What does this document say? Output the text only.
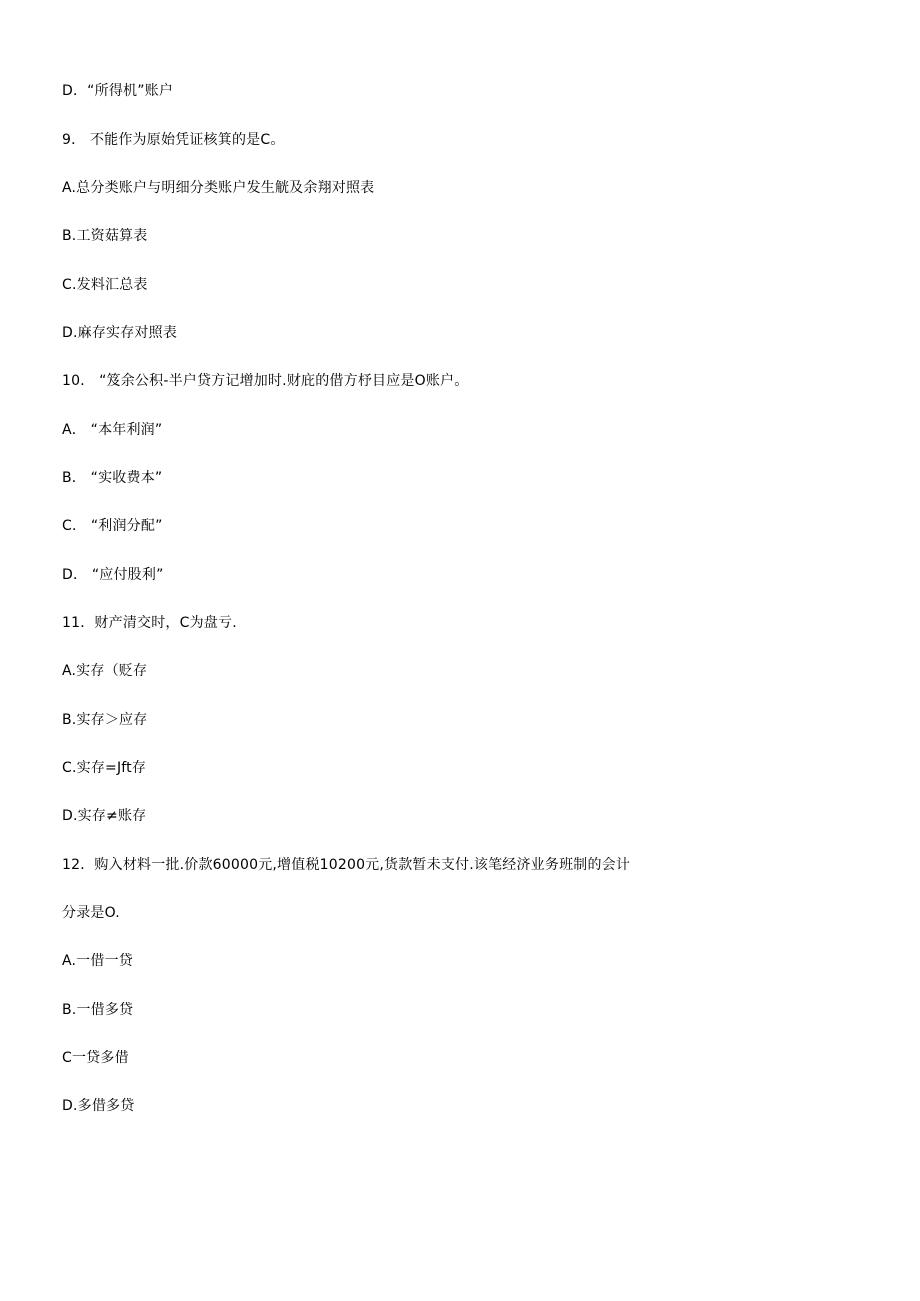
D．“所得机”账户
9． 不能作为原始凭证核箕的是C。
A.总分类账户与明细分类账户发生觥及余翔对照表
B.工资菇算表
C.发料汇总表
D.麻存实存对照表
10． “笈余公积-半户贷方记增加时.财庇的借方杼目应是O账户。
A． “本年利润”
B． “实收费本”
C． “利润分配”
D． “应付股利”
11．财产清交时，C为盘亏.
A.实存（贬存
B.实存＞应存
C.实存=Jft存
D.实存≠账存
12．购入材料一批.价款60000元,增值税10200元,货款暂未支付.该笔经济业务班制的会计
分录是O.
A.一借一贷
B.一借多贷
C一贷多借
D.多借多贷
